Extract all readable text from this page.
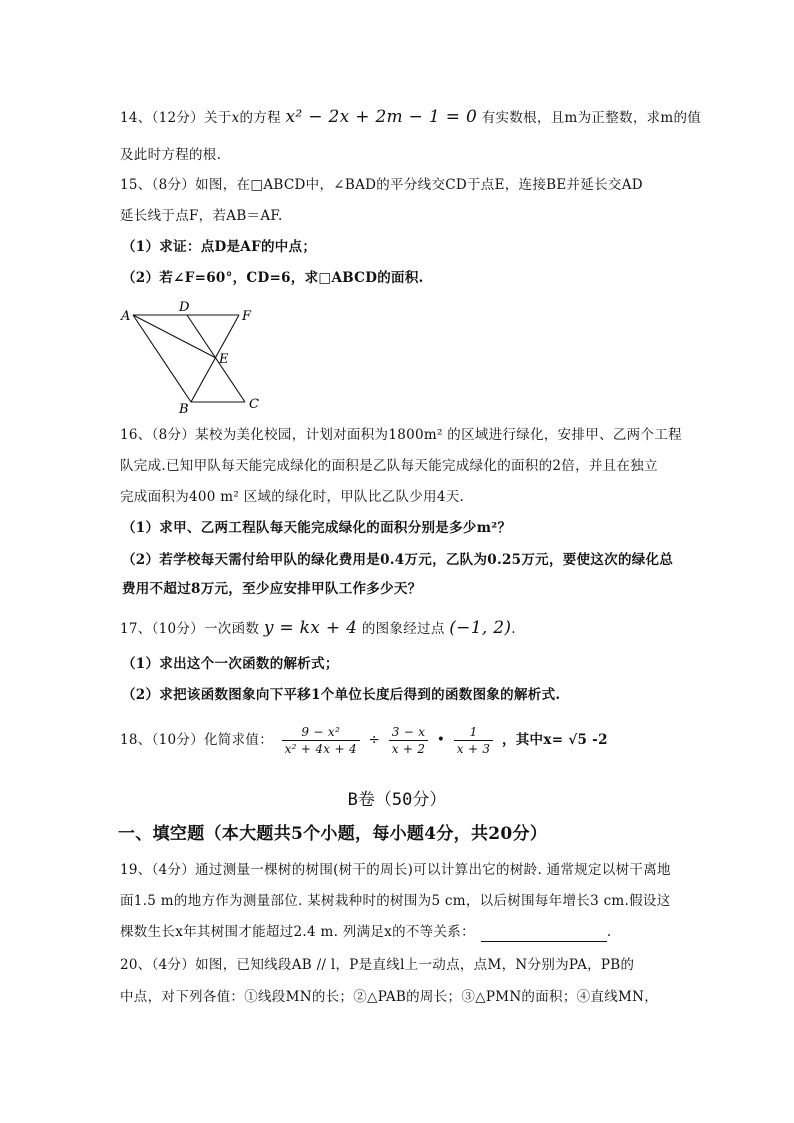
14、（12分）关于x的方程 x² − 2x + 2m − 1 = 0 有实数根，且m为正整数，求m的值
及此时方程的根.
15、（8分）如图，在□ABCD中，∠BAD的平分线交CD于点E，连接BE并延长交AD
延长线于点F，若AB＝AF.
（1）求证：点D是AF的中点；
（2）若∠F=60°，CD=6，求□ABCD的面积.
A
D
F
E
B	C
16、（8分）某校为美化校园，计划对面积为1800m² 的区域进行绿化，安排甲、乙两个工程
队完成.已知甲队每天能完成绿化的面积是乙队每天能完成绿化的面积的2倍，并且在独立
完成面积为400 m² 区域的绿化时，甲队比乙队少用4天.
（1）求甲、乙两工程队每天能完成绿化的面积分别是多少m²？
（2）若学校每天需付给甲队的绿化费用是0.4万元，乙队为0.25万元，要使这次的绿化总
费用不超过8万元，至少应安排甲队工作多少天？
17、（10分）一次函数 y = kx + 4 的图象经过点 (−1, 2).
（1）求出这个一次函数的解析式；
（2）求把该函数图象向下平移1个单位长度后得到的函数图象的解析式.
18、（10分）化简求值： $\frac{\text{9 − x²}}{\text{x² + 4x + 4}} \div \frac{3 - x}{x + 2}$ • $\frac{1}{x + 3}$ ，其中x= √5 -2
B卷（50分）
一、填空题（本大题共5个小题，每小题4分，共20分）
19、（4分）通过测量一棵树的树围(树干的周长)可以计算出它的树龄. 通常规定以树干离地
面1.5 m的地方作为测量部位. 某树栽种时的树围为5 cm，以后树围每年增长3 cm.假设这
棵数生长x年其树围才能超过2.4 m. 列满足x的不等关系：	.
20、（4分）如图，已知线段AB // l，P是直线l上一动点，点M，N分别为PA，PB的
中点，对下列各值：①线段MN的长；②△PAB的周长；③△PMN的面积；④直线MN，
